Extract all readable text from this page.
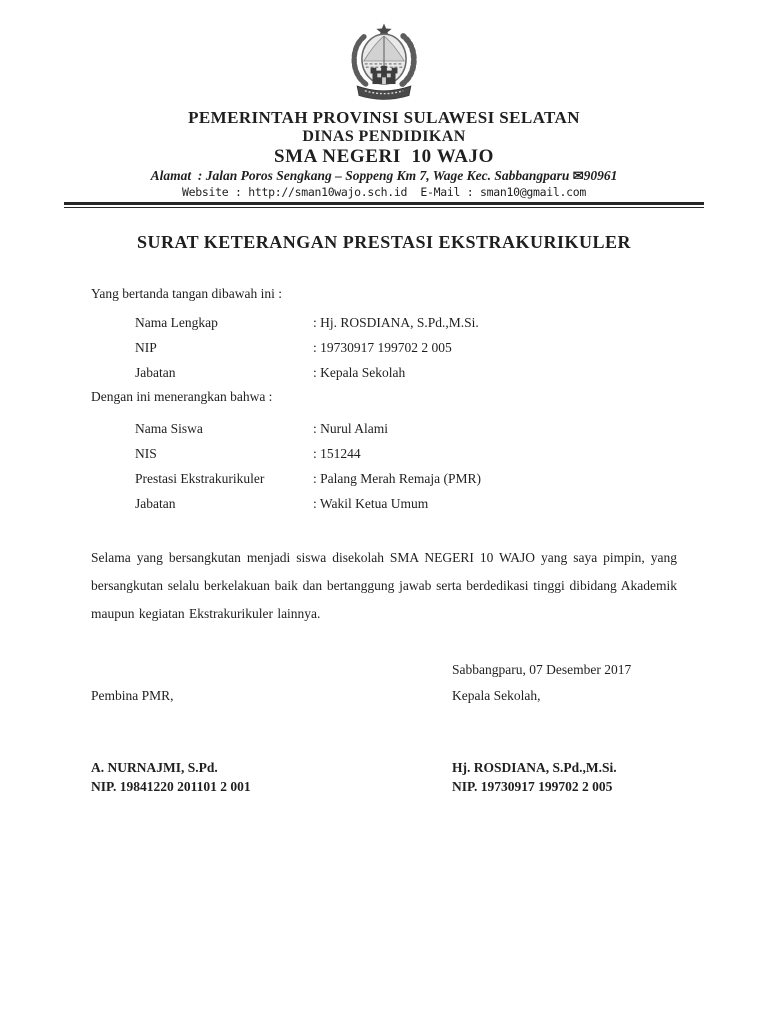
PEMERINTAH PROVINSI SULAWESI SELATAN
DINAS PENDIDIKAN
SMA NEGERI  10 WAJO
Alamat  : Jalan Poros Sengkang – Soppeng Km 7, Wage Kec. Sabbangparu ✉90961
Website : http://sman10wajo.sch.id  E-Mail : sman10@gmail.com
SURAT KETERANGAN PRESTASI EKSTRAKURIKULER
Yang bertanda tangan dibawah ini :
Nama Lengkap	: Hj. ROSDIANA, S.Pd.,M.Si.
NIP	: 19730917 199702 2 005
Jabatan	: Kepala Sekolah
Dengan ini menerangkan bahwa :
Nama Siswa	: Nurul Alami
NIS	: 151244
Prestasi Ekstrakurikuler	: Palang Merah Remaja (PMR)
Jabatan	: Wakil Ketua Umum
Selama yang bersangkutan menjadi siswa disekolah SMA NEGERI 10 WAJO yang saya pimpin, yang bersangkutan selalu berkelakuan baik dan bertanggung jawab serta berdedikasi tinggi dibidang Akademik maupun kegiatan Ekstrakurikuler lainnya.
Sabbangparu, 07 Desember 2017
Pembina PMR,	Kepala Sekolah,
A. NURNAJMI, S.Pd.
NIP. 19841220 201101 2 001
Hj. ROSDIANA, S.Pd.,M.Si.
NIP. 19730917 199702 2 005
